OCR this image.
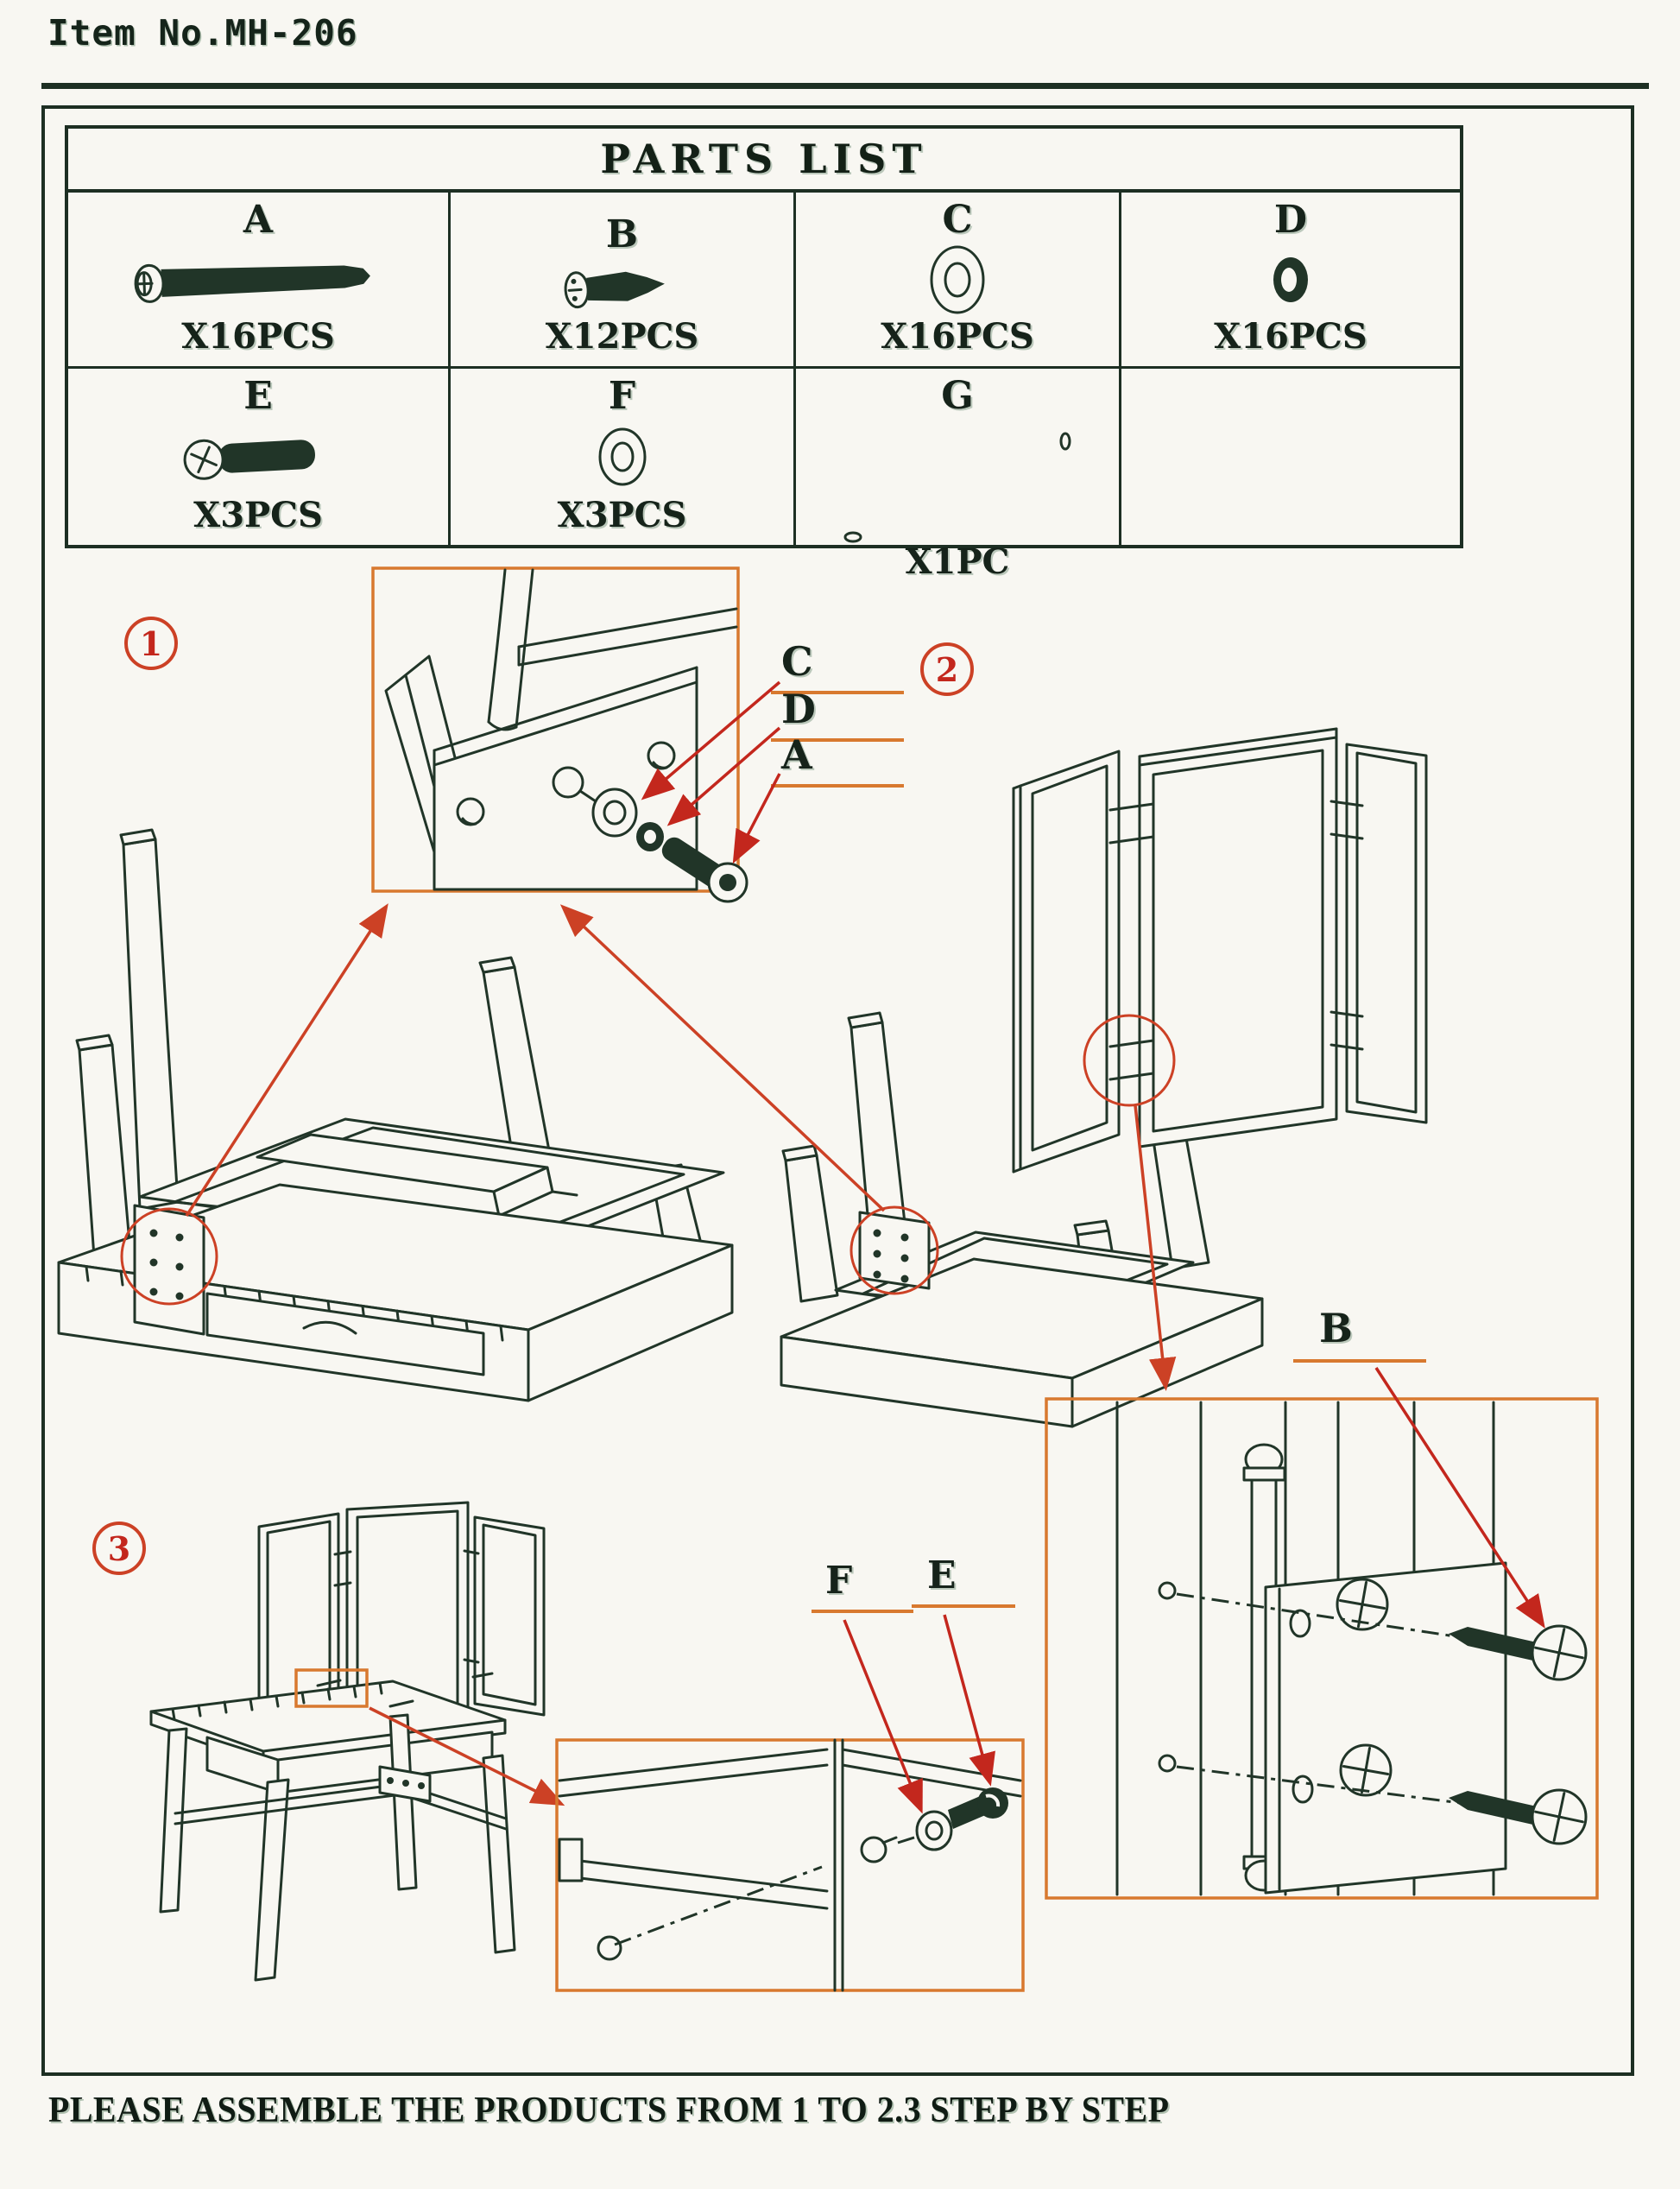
Item No.MH-206
PARTS LIST
A
X16PCS
B
X12PCS
C
X16PCS
D
X16PCS
E
X3PCS
F
X3PCS
G
X1PC
1
2
3
C
D
A
B
F	E
PLEASE ASSEMBLE THE PRODUCTS FROM 1 TO 2.3 STEP BY STEP
